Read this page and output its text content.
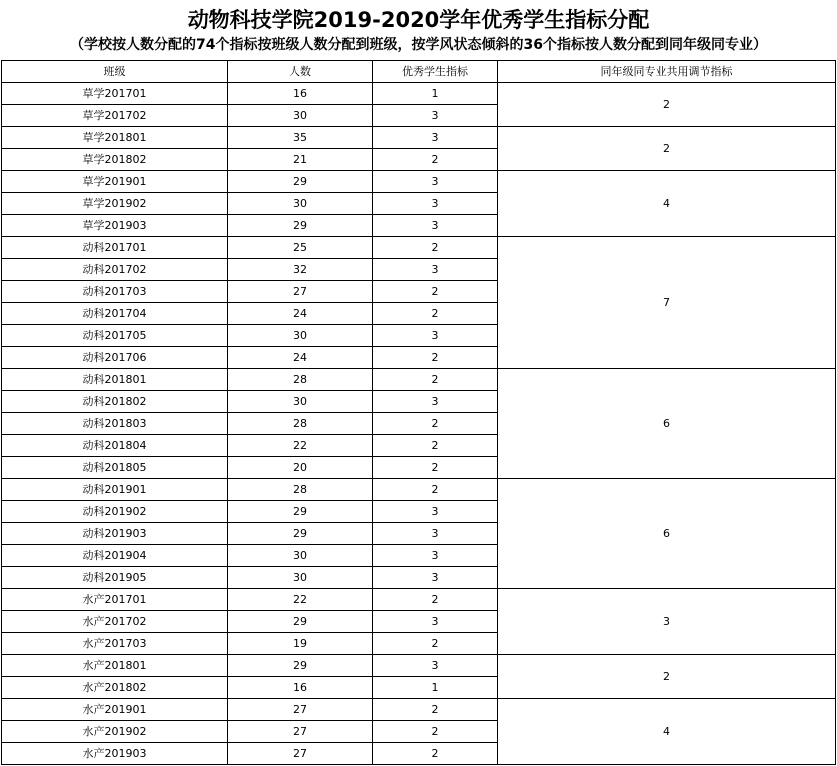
动物科技学院2019-2020学年优秀学生指标分配
（学校按人数分配的74个指标按班级人数分配到班级，按学风状态倾斜的36个指标按人数分配到同年级同专业）
班级	人数	优秀学生指标	同年级同专业共用调节指标
草学201701	16	1	2
草学201702	30	3	
草学201801	35	3	2
草学201802	21	2	
草学201901	29	3	4
草学201902	30	3	
草学201903	29	3	
动科201701	25	2	7
动科201702	32	3	
动科201703	27	2	
动科201704	24	2	
动科201705	30	3	
动科201706	24	2	
动科201801	28	2	6
动科201802	30	3	
动科201803	28	2	
动科201804	22	2	
动科201805	20	2	
动科201901	28	2	6
动科201902	29	3	
动科201903	29	3	
动科201904	30	3	
动科201905	30	3	
水产201701	22	2	3
水产201702	29	3	
水产201703	19	2	
水产201801	29	3	2
水产201802	16	1	
水产201901	27	2	4
水产201902	27	2	
水产201903	27	2	
